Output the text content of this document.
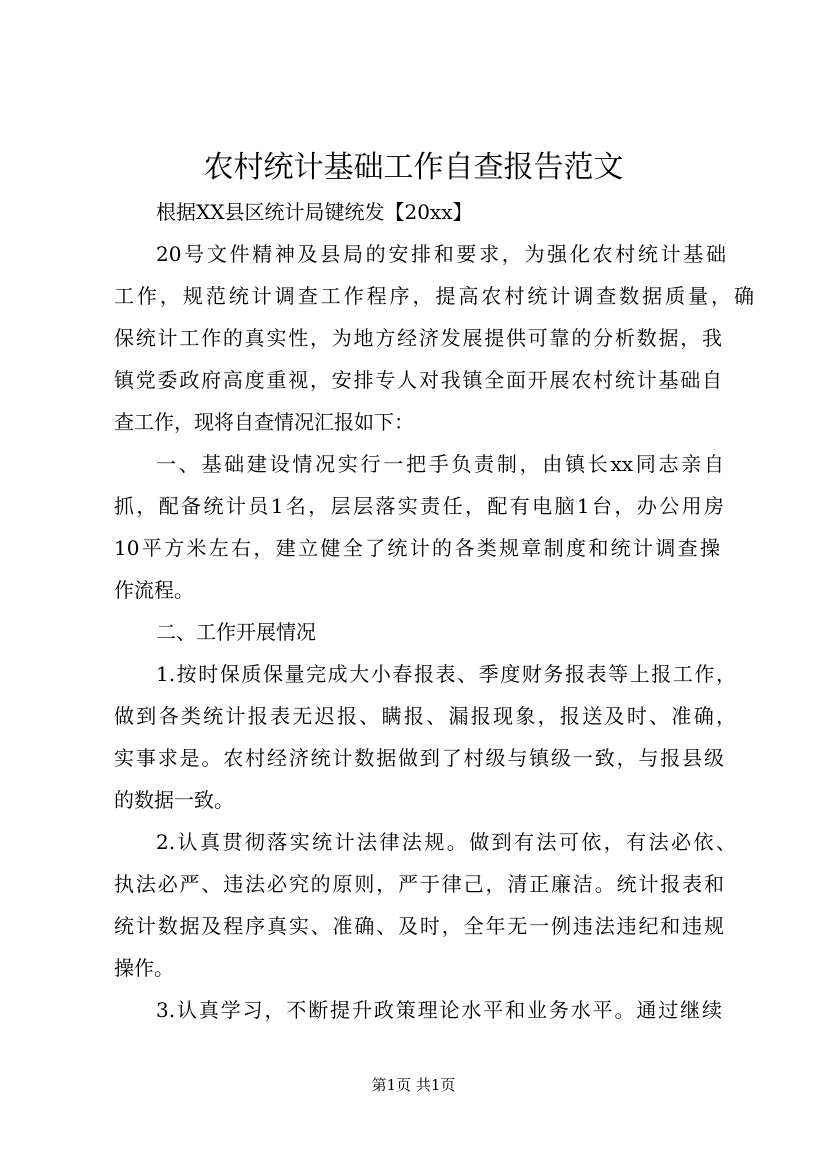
农村统计基础工作自查报告范文
根据XX县区统计局键统发【20xx】
20号文件精神及县局的安排和要求，为强化农村统计基础
工作，规范统计调查工作程序，提高农村统计调查数据质量，确
保统计工作的真实性，为地方经济发展提供可靠的分析数据，我
镇党委政府高度重视，安排专人对我镇全面开展农村统计基础自
查工作，现将自查情况汇报如下：
一、基础建设情况实行一把手负责制，由镇长xx同志亲自
抓，配备统计员1名，层层落实责任，配有电脑1台，办公用房
10平方米左右，建立健全了统计的各类规章制度和统计调查操
作流程。
二、工作开展情况
1.按时保质保量完成大小春报表、季度财务报表等上报工作，
做到各类统计报表无迟报、瞒报、漏报现象，报送及时、准确，
实事求是。农村经济统计数据做到了村级与镇级一致，与报县级
的数据一致。
2.认真贯彻落实统计法律法规。做到有法可依，有法必依、
执法必严、违法必究的原则，严于律己，清正廉洁。统计报表和
统计数据及程序真实、准确、及时，全年无一例违法违纪和违规
操作。
3.认真学习，不断提升政策理论水平和业务水平。通过继续
第1页 共1页
